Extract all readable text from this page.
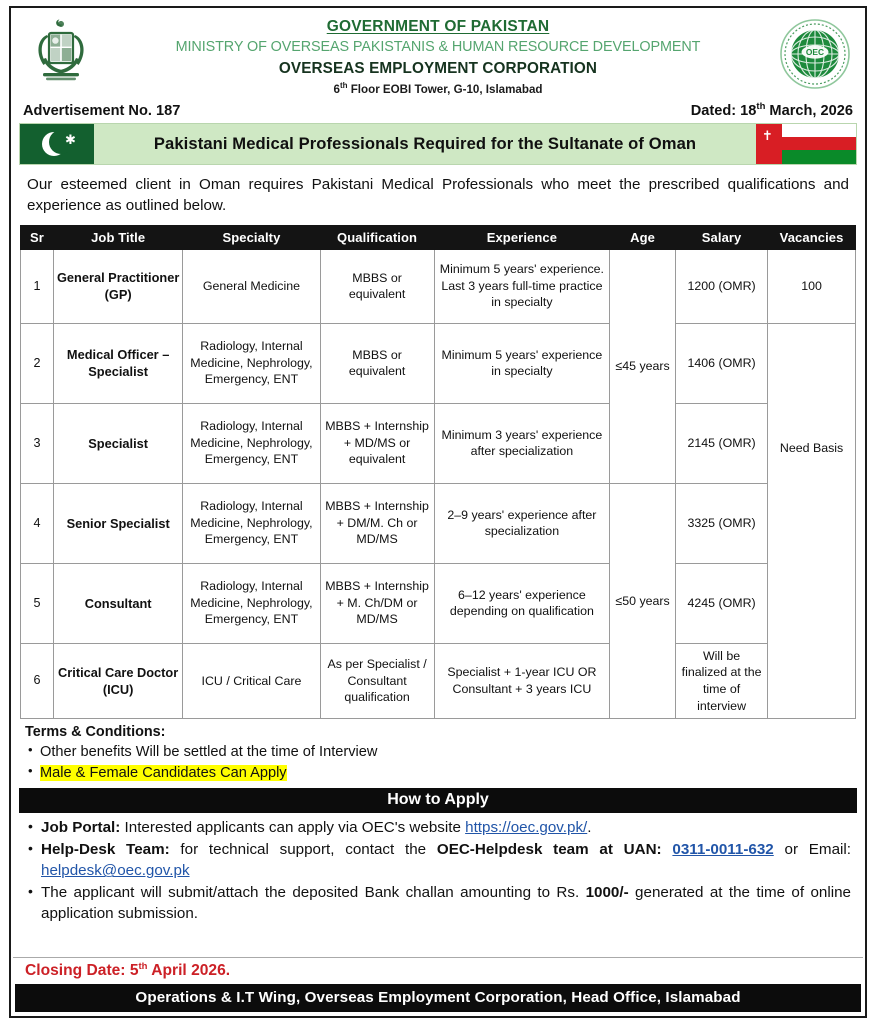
GOVERNMENT OF PAKISTAN
MINISTRY OF OVERSEAS PAKISTANIS & HUMAN RESOURCE DEVELOPMENT
OVERSEAS EMPLOYMENT CORPORATION
6th Floor EOBI Tower, G-10, Islamabad
OEC
Advertisement No. 187	Dated: 18th March, 2026
✱	Pakistani Medical Professionals Required for the Sultanate of Oman	✝
Our esteemed client in Oman requires Pakistani Medical Professionals who meet the prescribed qualifications and experience as outlined below.
Sr	Job Title	Specialty	Qualification	Experience	Age	Salary	Vacancies
1	General Practitioner (GP)	General Medicine	MBBS or equivalent	Minimum 5 years' experience. Last 3 years full-time practice in specialty	≤45 years	1200 (OMR)	100
2	Medical Officer – Specialist	Radiology, Internal Medicine, Nephrology, Emergency, ENT	MBBS or equivalent	Minimum 5 years' experience in specialty		1406 (OMR)	Need Basis
3	Specialist	Radiology, Internal Medicine, Nephrology, Emergency, ENT	MBBS + Internship + MD/MS or equivalent	Minimum 3 years' experience after specialization		2145 (OMR)	
4	Senior Specialist	Radiology, Internal Medicine, Nephrology, Emergency, ENT	MBBS + Internship + DM/M. Ch or MD/MS	2–9 years' experience after specialization	≤50 years	3325 (OMR)	
5	Consultant	Radiology, Internal Medicine, Nephrology, Emergency, ENT	MBBS + Internship + M. Ch/DM or MD/MS	6–12 years' experience depending on qualification		4245 (OMR)	
6	Critical Care Doctor (ICU)	ICU / Critical Care	As per Specialist / Consultant qualification	Specialist + 1-year ICU OR Consultant + 3 years ICU		Will be finalized at the time of interview	
Terms & Conditions:
• Other benefits Will be settled at the time of Interview
• Male & Female Candidates Can Apply
How to Apply
• Job Portal: Interested applicants can apply via OEC's website https://oec.gov.pk/.
• Help-Desk Team: for technical support, contact the OEC-Helpdesk team at UAN: 0311-0011-632 or Email: helpdesk@oec.gov.pk
• The applicant will submit/attach the deposited Bank challan amounting to Rs. 1000/- generated at the time of online application submission.
Closing Date: 5th April 2026.
Operations & I.T Wing, Overseas Employment Corporation, Head Office, Islamabad
